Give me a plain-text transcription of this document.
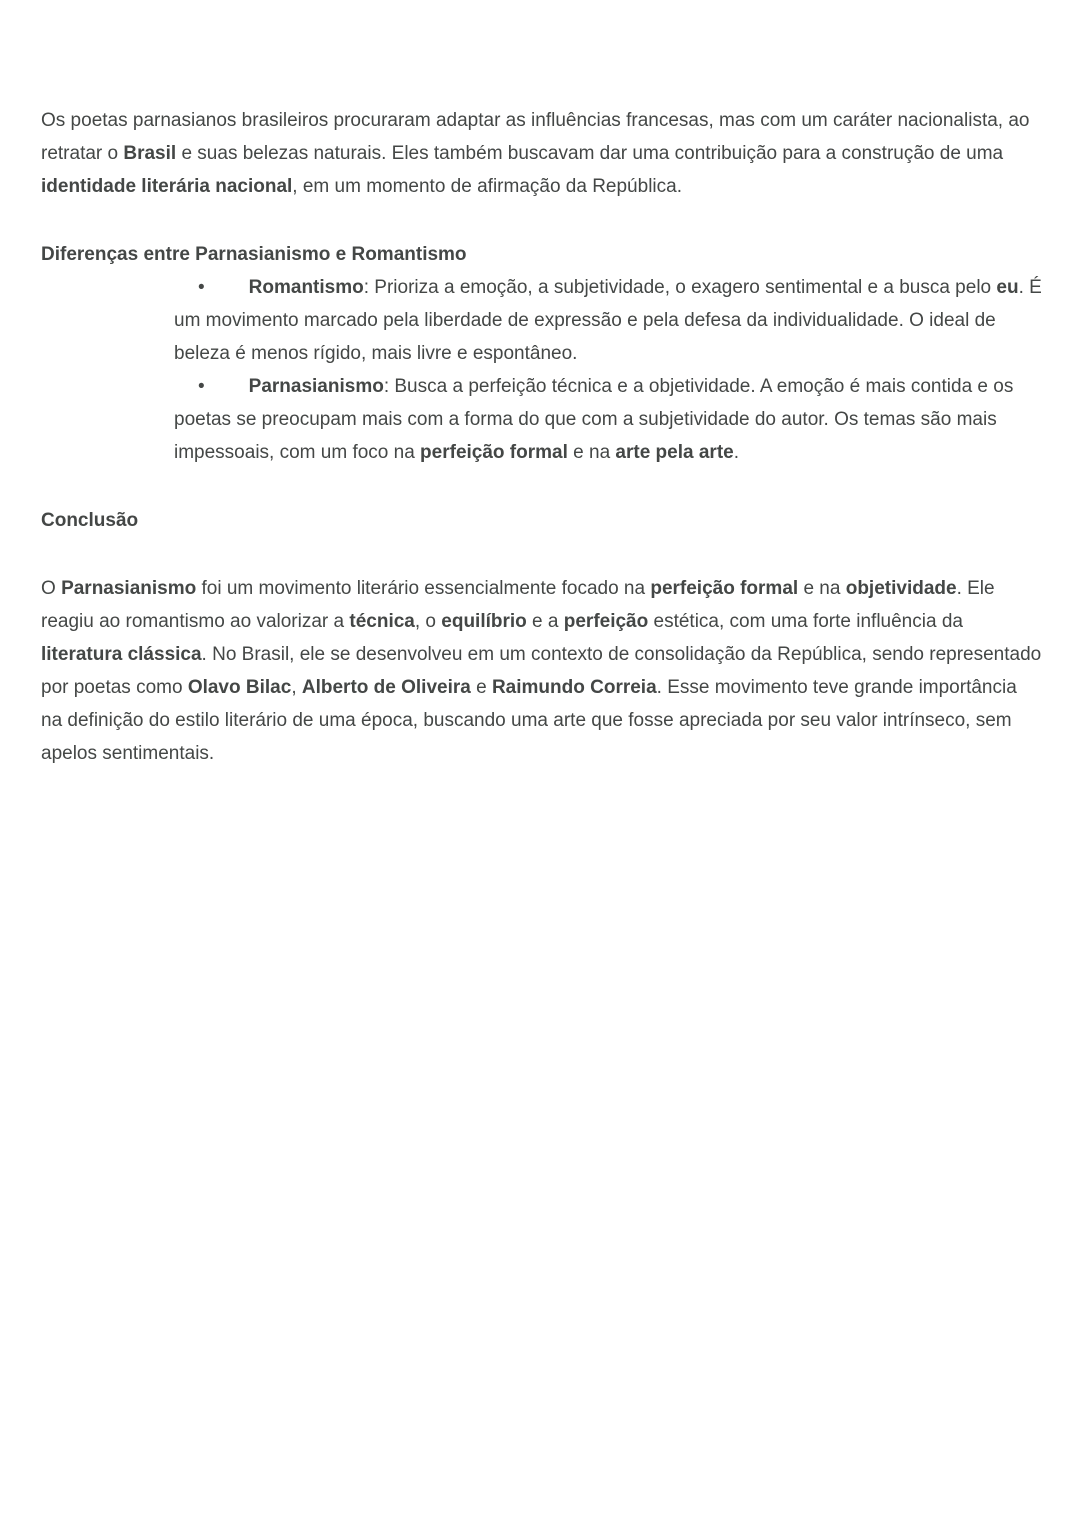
Os poetas parnasianos brasileiros procuraram adaptar as influências francesas, mas com um caráter nacionalista, ao retratar o Brasil e suas belezas naturais. Eles também buscavam dar uma contribuição para a construção de uma identidade literária nacional, em um momento de afirmação da República.

Diferenças entre Parnasianismo e Romantismo

• Romantismo: Prioriza a emoção, a subjetividade, o exagero sentimental e a busca pelo eu. É um movimento marcado pela liberdade de expressão e pela defesa da individualidade. O ideal de beleza é menos rígido, mais livre e espontâneo.
• Parnasianismo: Busca a perfeição técnica e a objetividade. A emoção é mais contida e os poetas se preocupam mais com a forma do que com a subjetividade do autor. Os temas são mais impessoais, com um foco na perfeição formal e na arte pela arte.

Conclusão

O Parnasianismo foi um movimento literário essencialmente focado na perfeição formal e na objetividade. Ele reagiu ao romantismo ao valorizar a técnica, o equilíbrio e a perfeição estética, com uma forte influência da literatura clássica. No Brasil, ele se desenvolveu em um contexto de consolidação da República, sendo representado por poetas como Olavo Bilac, Alberto de Oliveira e Raimundo Correia. Esse movimento teve grande importância na definição do estilo literário de uma época, buscando uma arte que fosse apreciada por seu valor intrínseco, sem apelos sentimentais.
